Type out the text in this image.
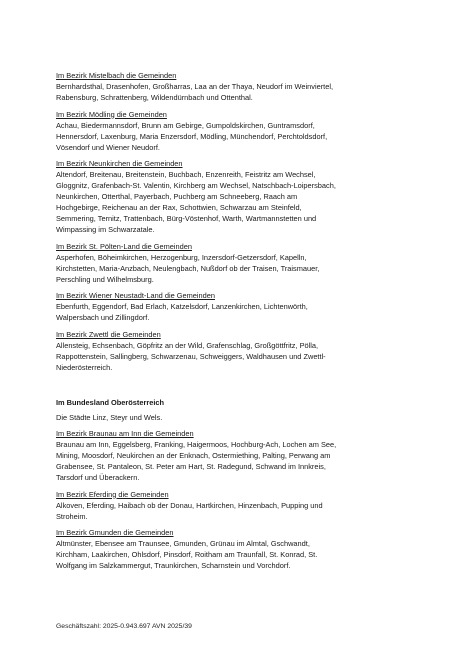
Im Bezirk Mistelbach die Gemeinden
Bernhardsthal, Drasenhofen, Großharras, Laa an der Thaya, Neudorf im Weinviertel,
Rabensburg, Schrattenberg, Wildendürnbach und Ottenthal.
Im Bezirk Mödling die Gemeinden
Achau, Biedermannsdorf, Brunn am Gebirge, Gumpoldskirchen, Guntramsdorf,
Hennersdorf, Laxenburg, Maria Enzersdorf, Mödling, Münchendorf, Perchtoldsdorf,
Vösendorf und Wiener Neudorf.
Im Bezirk Neunkirchen die Gemeinden
Altendorf, Breitenau, Breitenstein, Buchbach, Enzenreith, Feistritz am Wechsel,
Gloggnitz, Grafenbach-St. Valentin, Kirchberg am Wechsel, Natschbach-Loipersbach,
Neunkirchen, Otterthal, Payerbach, Puchberg am Schneeberg, Raach am
Hochgebirge, Reichenau an der Rax, Schottwien, Schwarzau am Steinfeld,
Semmering, Ternitz, Trattenbach, Bürg-Vöstenhof, Warth, Wartmannstetten und
Wimpassing im Schwarzatale.
Im Bezirk St. Pölten-Land die Gemeinden
Asperhofen, Böheimkirchen, Herzogenburg, Inzersdorf-Getzersdorf, Kapelln,
Kirchstetten, Maria-Anzbach, Neulengbach, Nußdorf ob der Traisen, Traismauer,
Perschling und Wilhelmsburg.
Im Bezirk Wiener Neustadt-Land die Gemeinden
Ebenfurth, Eggendorf, Bad Erlach, Katzelsdorf, Lanzenkirchen, Lichtenwörth,
Walpersbach und Zillingdorf.
Im Bezirk Zwettl die Gemeinden
Allensteig, Echsenbach, Göpfritz an der Wild, Grafenschlag, Großgöttfritz, Pölla,
Rappottenstein, Sallingberg, Schwarzenau, Schweiggers, Waldhausen und Zwettl-
Niederösterreich.
Im Bundesland Oberösterreich
Die Städte Linz, Steyr und Wels.
Im Bezirk Braunau am Inn die Gemeinden
Braunau am Inn, Eggelsberg, Franking, Haigermoos, Hochburg-Ach, Lochen am See,
Mining, Moosdorf, Neukirchen an der Enknach, Ostermiething, Palting, Perwang am
Grabensee, St. Pantaleon, St. Peter am Hart, St. Radegund, Schwand im Innkreis,
Tarsdorf und Überackern.
Im Bezirk Eferding die Gemeinden
Alkoven, Eferding, Haibach ob der Donau, Hartkirchen, Hinzenbach, Pupping und
Stroheim.
Im Bezirk Gmunden die Gemeinden
Altmünster, Ebensee am Traunsee, Gmunden, Grünau im Almtal, Gschwandt,
Kirchham, Laakirchen, Ohlsdorf, Pinsdorf, Roitham am Traunfall, St. Konrad, St.
Wolfgang im Salzkammergut, Traunkirchen, Scharnstein und Vorchdorf.
Geschäftszahl: 2025-0.943.697 AVN 2025/39
